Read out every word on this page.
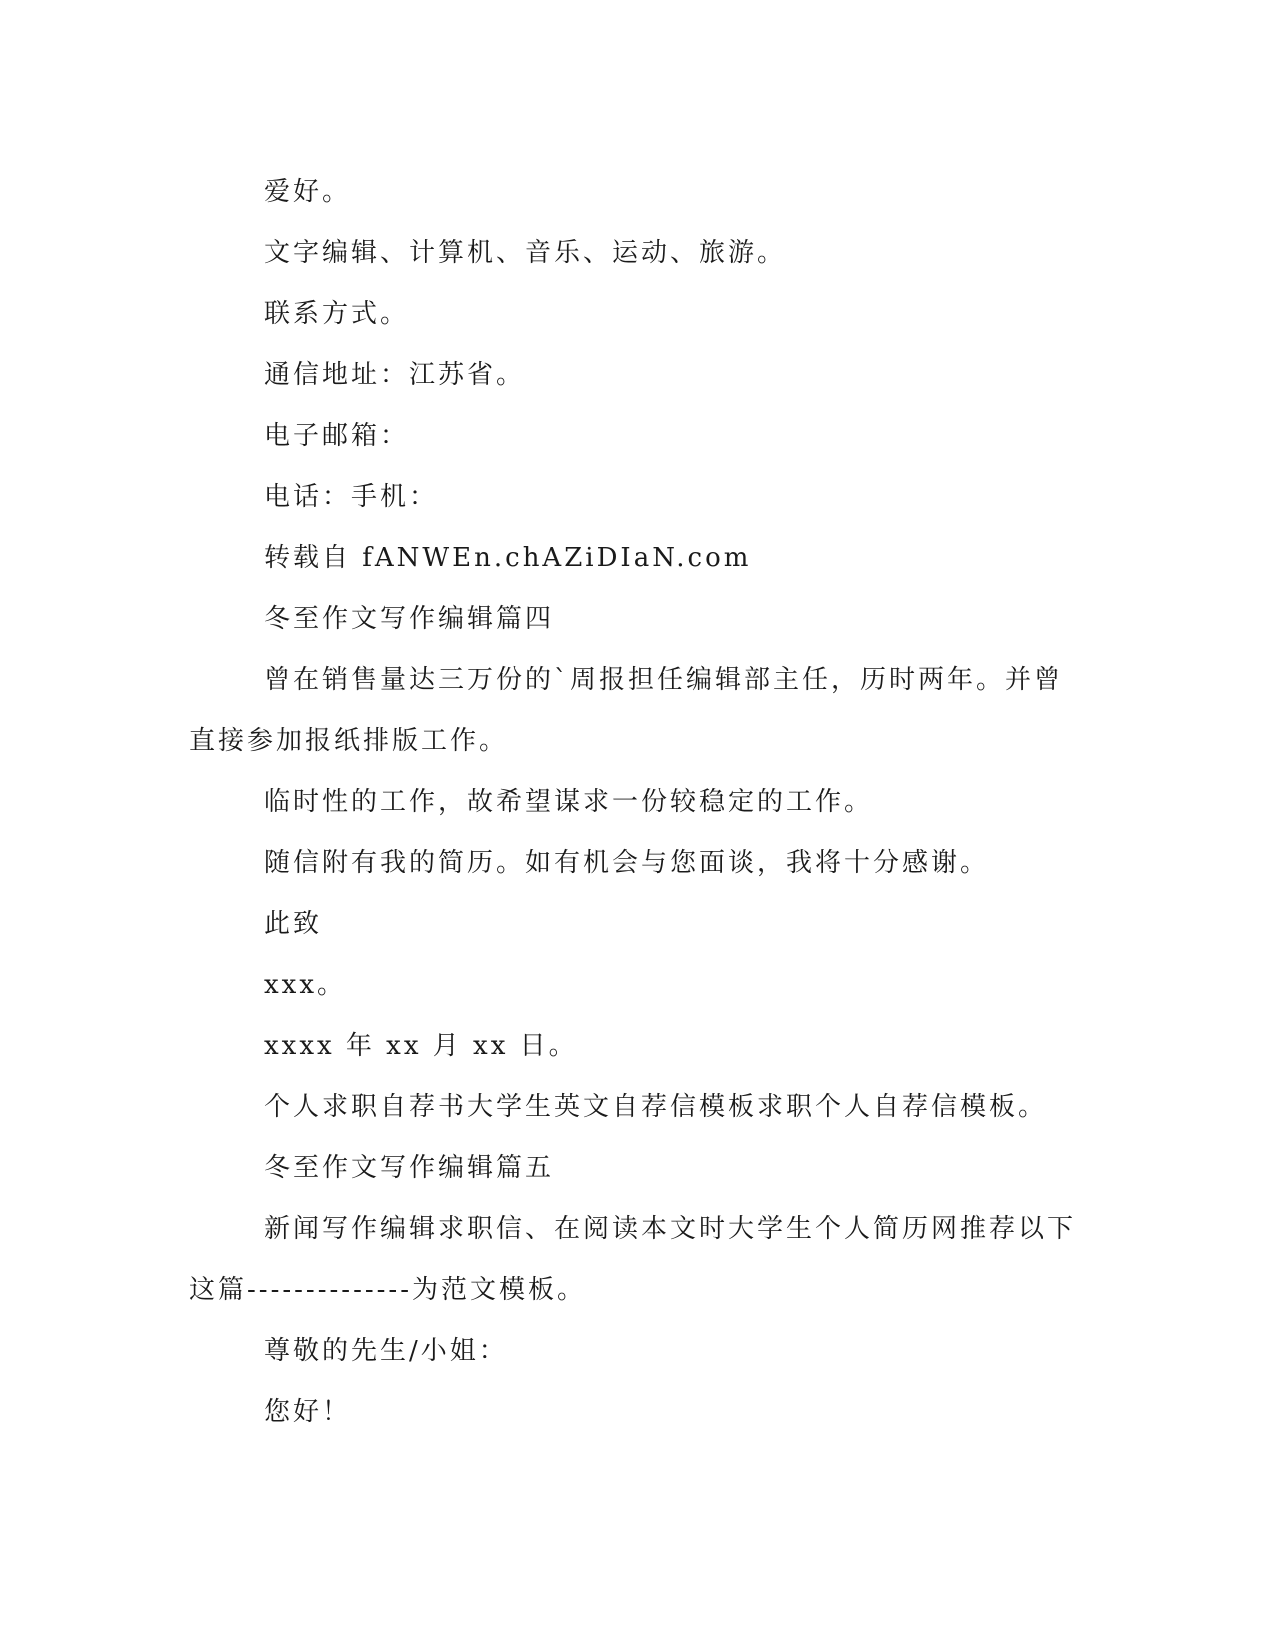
爱好。

文字编辑、计算机、音乐、运动、旅游。

联系方式。

通信地址：江苏省。

电子邮箱：

电话：手机：

转载自 fANWEn.chAZiDIaN.com

冬至作文写作编辑篇四

曾在销售量达三万份的`周报担任编辑部主任，历时两年。并曾直接参加报纸排版工作。

临时性的工作，故希望谋求一份较稳定的工作。

随信附有我的简历。如有机会与您面谈，我将十分感谢。

此致

xxx。

xxxx 年 xx 月 xx 日。

个人求职自荐书大学生英文自荐信模板求职个人自荐信模板。

冬至作文写作编辑篇五

新闻写作编辑求职信、在阅读本文时大学生个人简历网推荐以下这篇--------------为范文模板。

尊敬的先生/小姐：

您好！
